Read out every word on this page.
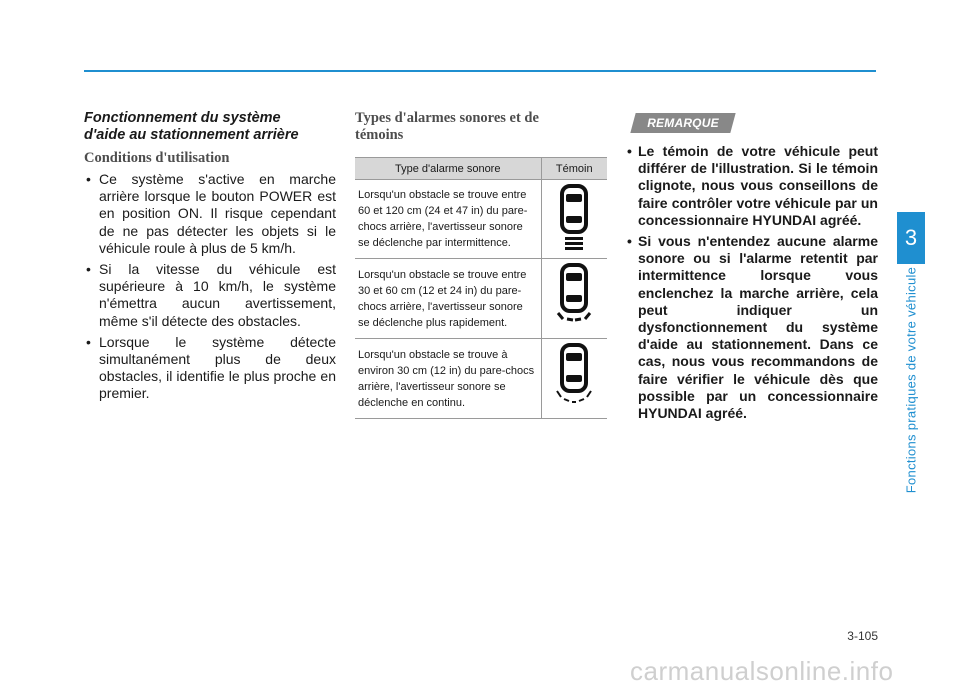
Fonctionnement du système
d'aide au stationnement arrière
Conditions d'utilisation
• Ce système s'active en marche arrière lorsque le bouton POWER est en position ON. Il risque cependant de ne pas détecter les objets si le véhicule roule à plus de 5 km/h.
• Si la vitesse du véhicule est supérieure à 10 km/h, le système n'émettra aucun avertissement, même s'il détecte des obstacles.
• Lorsque le système détecte simultanément plus de deux obstacles, il identifie le plus proche en premier.
Types d'alarmes sonores et de témoins
Type d'alarme sonore	Témoin
Lorsqu'un obstacle se trouve entre 60 et 120 cm (24 et 47 in) du pare-chocs arrière, l'avertisseur sonore se déclenche par intermittence.	
Lorsqu'un obstacle se trouve entre 30 et 60 cm (12 et 24 in) du pare-chocs arrière, l'avertisseur sonore se déclenche plus rapidement.	
Lorsqu'un obstacle se trouve à environ 30 cm (12 in) du pare-chocs arrière, l'avertisseur sonore se déclenche en continu.	
REMARQUE
• Le témoin de votre véhicule peut différer de l'illustration. Si le témoin clignote, nous vous conseillons de faire contrôler votre véhicule par un concessionnaire HYUNDAI agréé.
• Si vous n'entendez aucune alarme sonore ou si l'alarme retentit par intermittence lorsque vous enclenchez la marche arrière, cela peut indiquer un dysfonctionnement du système d'aide au stationnement. Dans ce cas, nous vous recommandons de faire vérifier le véhicule dès que possible par un concessionnaire HYUNDAI agréé.
3
Fonctions pratiques de votre véhicule
3-105
carmanualsonline.info
